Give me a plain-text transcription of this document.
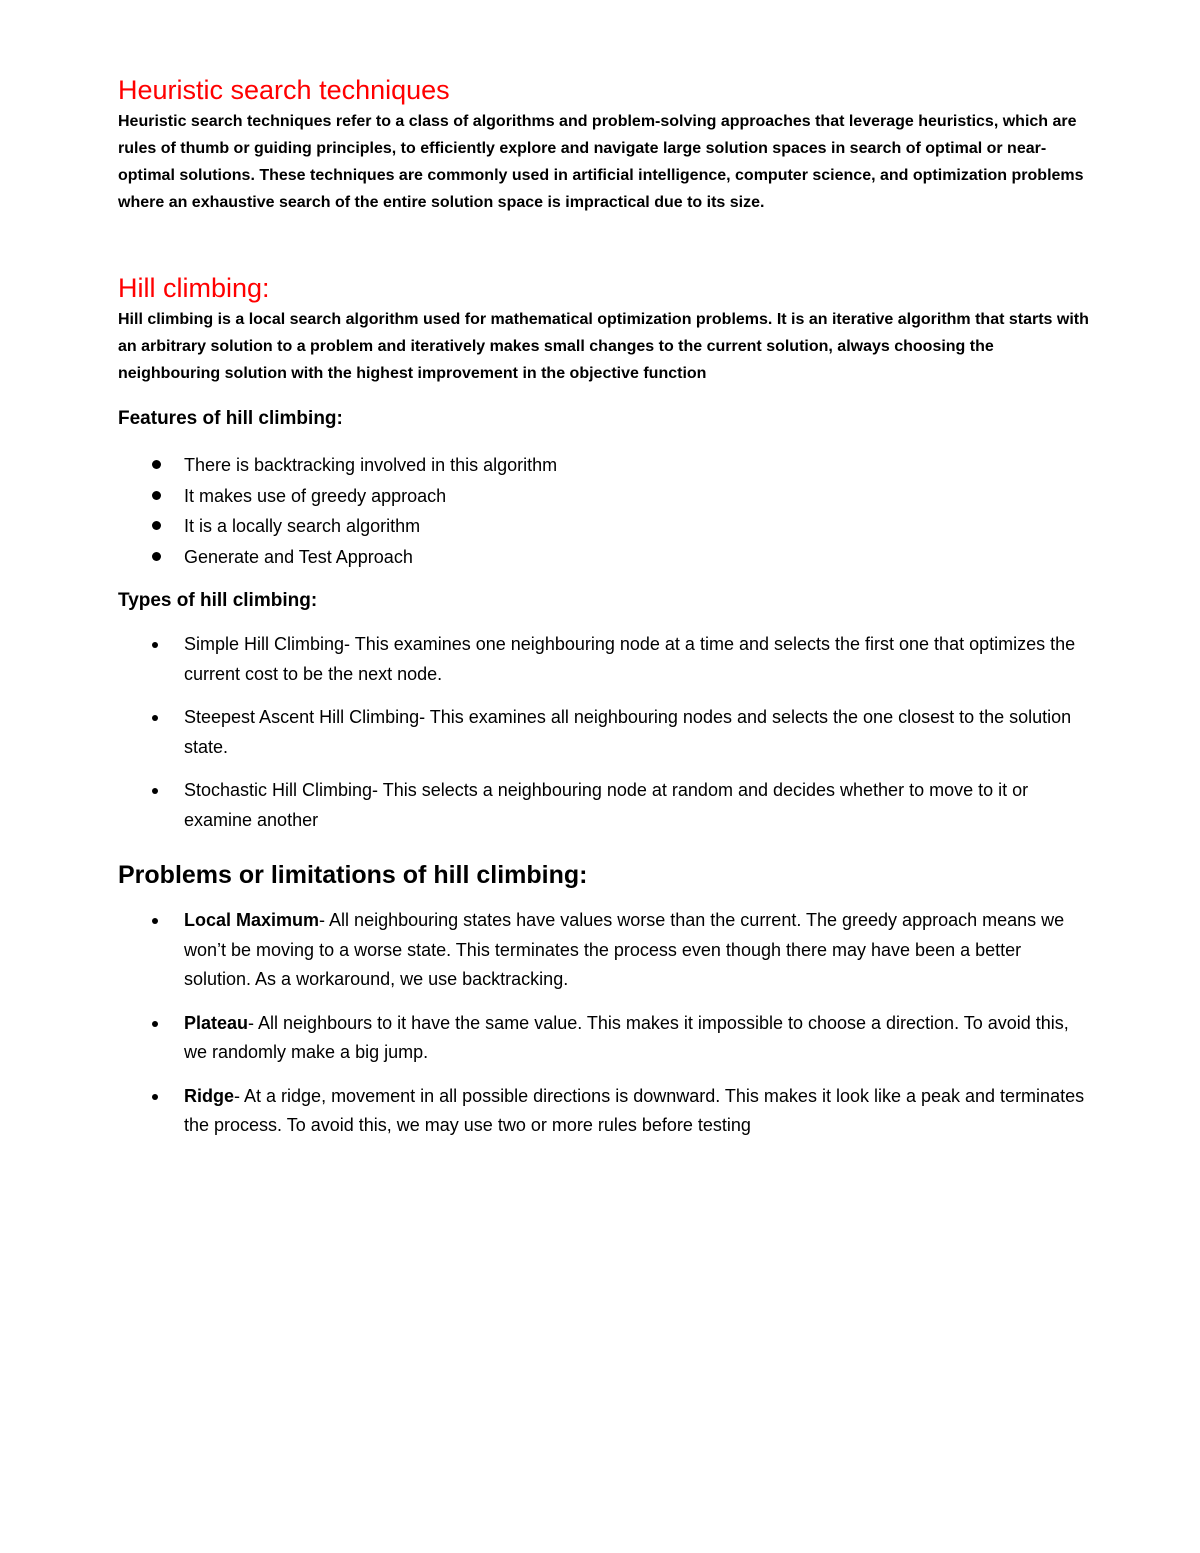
Heuristic search techniques

Heuristic search techniques refer to a class of algorithms and problem-solving approaches that leverage heuristics, which are rules of thumb or guiding principles, to efficiently explore and navigate large solution spaces in search of optimal or near-optimal solutions. These techniques are commonly used in artificial intelligence, computer science, and optimization problems where an exhaustive search of the entire solution space is impractical due to its size.

Hill climbing:

Hill climbing is a local search algorithm used for mathematical optimization problems. It is an iterative algorithm that starts with an arbitrary solution to a problem and iteratively makes small changes to the current solution, always choosing the neighbouring solution with the highest improvement in the objective function

Features of hill climbing:
There is backtracking involved in this algorithm
It makes use of greedy approach
It is a locally search algorithm
Generate and Test Approach
Types of hill climbing:
Simple Hill Climbing- This examines one neighbouring node at a time and selects the first one that optimizes the current cost to be the next node.
Steepest Ascent Hill Climbing- This examines all neighbouring nodes and selects the one closest to the solution state.
Stochastic Hill Climbing- This selects a neighbouring node at random and decides whether to move to it or examine another
Problems or limitations of hill climbing:
Local Maximum- All neighbouring states have values worse than the current. The greedy approach means we won’t be moving to a worse state. This terminates the process even though there may have been a better solution. As a workaround, we use backtracking.
Plateau- All neighbours to it have the same value. This makes it impossible to choose a direction. To avoid this, we randomly make a big jump.
Ridge- At a ridge, movement in all possible directions is downward. This makes it look like a peak and terminates the process. To avoid this, we may use two or more rules before testing
